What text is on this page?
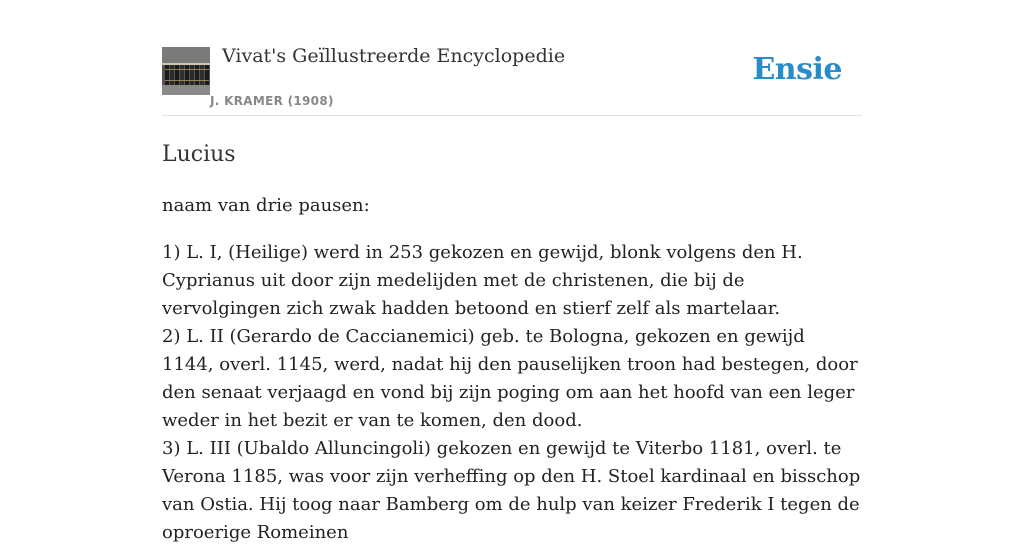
Vivat's Geïllustreerde Encyclopedie
J. KRAMER (1908)
Ensie
Lucius

naam van drie pausen:

1) L. I, (Heilige) werd in 253 gekozen en gewijd, blonk volgens den H. Cyprianus uit door zijn medelijden met de christenen, die bij de vervolgingen zich zwak hadden betoond en stierf zelf als martelaar.

2) L. II (Gerardo de Caccianemici) geb. te Bologna, gekozen en gewijd 1144, overl. 1145, werd, nadat hij den pauselijken troon had bestegen, door den senaat verjaagd en vond bij zijn poging om aan het hoofd van een leger weder in het bezit er van te komen, den dood.

3) L. III (Ubaldo Alluncingoli) gekozen en gewijd te Viterbo 1181, overl. te Verona 1185, was voor zijn verheffing op den H. Stoel kardinaal en bisschop van Ostia. Hij toog naar Bamberg om de hulp van keizer Frederik I tegen de oproerige Romeinen
